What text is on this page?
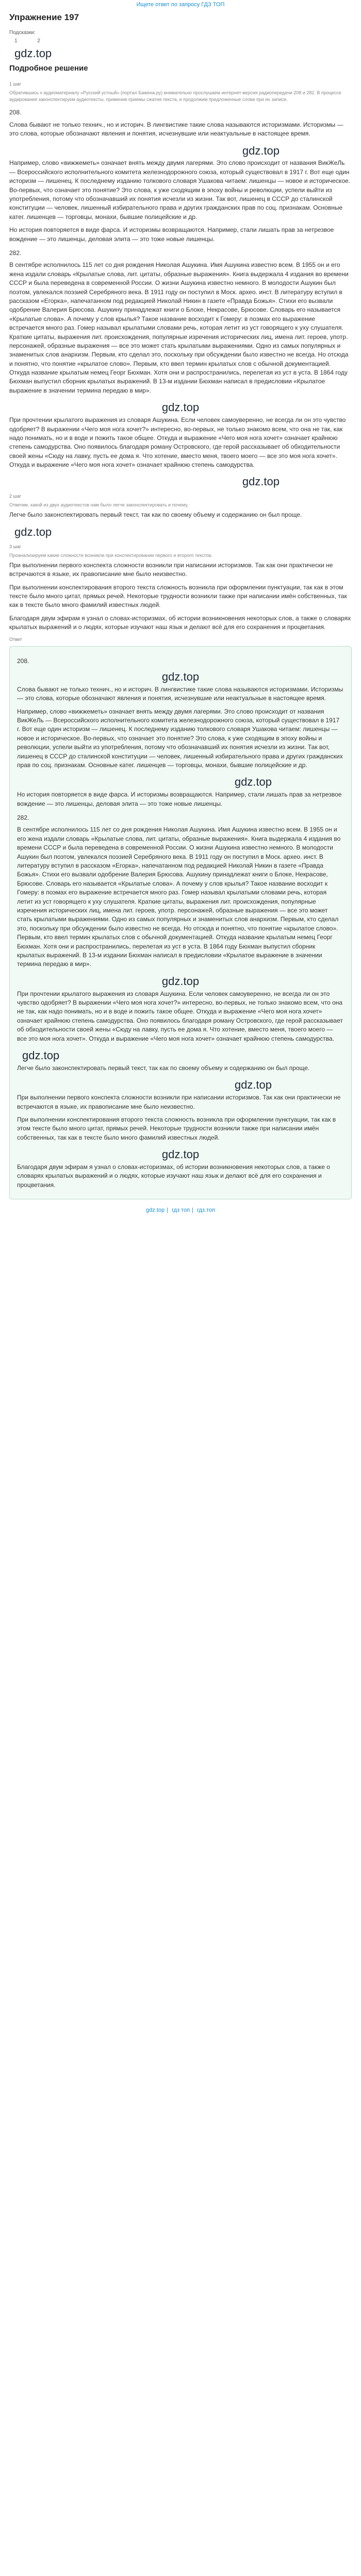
Ищете ответ по запросу ГДЗ ТОП
Упражнение 197
Подсказки:
1 2
gdz.top
Подробное решение
1 шаг
Обратившись к аудиоматериалу «Русский устный» (портал Бажена.ру) внимательно прослушаем интернет-версия радиопередачи 208 и 282. В процессе аудирования законспектируем аудиотексты, применив приемы сжатия текста, и продолжим предложенные слова при их записи.
208.

Слова бывают не только технич., но и историч. В лингвистике такие слова называются историзмами. Историзмы — это слова, которые обозначают явления и понятия, исчезнувшие или неактуальные в настоящее время.

gdz.top

Например, слово «вижжеметь» означает внять между двумя лагерями. Это слово происходит от названия ВикЖеЛь — Всероссийского исполнительного комитета железнодорожного союза, который существовал в 1917 г. Вот еще один историзм — лишенец. К последнему изданию толкового словаря Ушакова читаем: лишенцы — новое и историческое. Во-первых, что означает это понятие? Это слова, к уже сходящим в эпоху войны и революции, успели выйти из употребления, потому что обозначавший их понятия исчезли из жизни. Так вот, лишенец в СССР до сталинской конституции — человек, лишенный избирательного права и других гражданских прав по соц. признакам. Основные катег. лишенцев — торговцы, монахи, бывшие полицейские и др.

Но история повторяется в виде фарса. И историзмы возвращаются. Например, стали лишать прав за нетрезвое вождение — это лишенцы, деловая элита — это тоже новые лишенцы.

282.

В сентябре исполнилось 115 лет со дня рождения Николая Ашукина. Имя Ашукина известно всем. В 1955 он и его жена издали словарь «Крылатые слова, лит. цитаты, образные выражения». Книга выдержала 4 издания во времени СССР и была переведена в современной России. О жизни Ашукина известно немного. В молодости Ашукин был поэтом, увлекался поэзией Серебряного века. В 1911 году он поступил в Моск. архео. инст. В литературу вступил в рассказом «Егорка», напечатанном под редакцией Николай Никин в газете «Правда Божья». Стихи его вызвали одобрение Валерия Брюсова. Ашукину принадлежат книги о Блоке, Некрасове, Брюсове. Словарь его называется «Крылатые слова». А почему у слов крылья? Такое название восходит к Гомеру: в поэмах его выражение встречается много раз. Гомер называл крылатыми словами речь, которая летит из уст говорящего к уху слушателя. Краткие цитаты, выражения лит. происхождения, популярные изречения исторических лиц, имена лит. героев, употр. персонажей, образные выражения — все это может стать крылатыми выражениями. Одно из самых популярных и знаменитых слов анархизм. Первым, кто сделал это, поскольку при обсуждении было известно не всегда. Но отсюда и понятно, что понятие «крылатое слово». Первым, кто ввел термин крылатых слов с обычной документацией. Откуда название крылатым немец Георг Бюхман. Хотя они и распространились, перелетая из уст в уста. В 1864 году Бюхман выпустил сборник крылатых выражений. В 13-м издании Бюхман написал в предисловии «Крылатое выражение в значении термина передаю в мир».

gdz.top

При прочтении крылатого выражения из словаря Ашукина. Если человек самоуверенно, не всегда ли он это чувство одобряет? В выражении «Чего моя нога хочет?» интересно, во-первых, не только знакомо всем, что она не так, как надо понимать, но и в воде и пожить такое общее. Откуда и выражение «Чего моя нога хочет» означает крайнюю степень самодурства. Оно появилось благодаря роману Островского, где герой рассказывает об обходительности своей жены «Сюду на лавку, пусть ее дома я. Что хотение, вместо меня, твоего моего — все это моя нога хочет». Откуда и выражение «Чего моя нога хочет» означает крайнюю степень самодурства.

gdz.top
2 шаг
Ответим, какой из двух аудиотекстов нам было легче законспектировать и почему.

Легче было законспектировать первый текст, так как по своему объему и содержанию он был проще.

gdz.top
3 шаг
Проанализируем какие сложности возникли при конспектировании первого и второго текстов.

При выполнении первого конспекта сложности возникли при написании историзмов. Так как они практически не встречаются в языке, их правописание мне было неизвестно.

При выполнении конспектирования второго текста сложность возникла при оформлении пунктуации, так как в этом тексте было много цитат, прямых речей. Некоторые трудности возникли также при написании имён собственных, так как в тексте было много фамилий известных людей.

Благодаря двум эфирам я узнал о словах-историзмах, об истории возникновения некоторых слов, а также о словарях крылатых выражений и о людях, которые изучают наш язык и делают всё для его сохранения и процветания.

Ответ
208.
gdz.top

Слова бывают не только технич., но и историч. В лингвистике такие слова называются историзмами. Историзмы — это слова, которые обозначают явления и понятия, исчезнувшие или неактуальные в настоящее время.

Например, слово «вижжеметь» означает внять между двумя лагерями. Это слово происходит от названия ВикЖеЛь — Всероссийского исполнительного комитета железнодорожного союза, который существовал в 1917 г. Вот еще один историзм — лишенец. К последнему изданию толкового словаря Ушакова читаем: лишенцы — новое и историческое. Во-первых, что означает это понятие? Это слова, к уже сходящим в эпоху войны и революции, успели выйти из употребления, потому что обозначавший их понятия исчезли из жизни. Так вот, лишенец в СССР до сталинской конституции — человек, лишенный избирательного права и других гражданских прав по соц. признакам. Основные катег. лишенцев — торговцы, монахи, бывшие полицейские и др.

gdz.top

Но история повторяется в виде фарса. И историзмы возвращаются. Например, стали лишать прав за нетрезвое вождение — это лишенцы, деловая элита — это тоже новые лишенцы.

282.

В сентябре исполнилось 115 лет со дня рождения Николая Ашукина. Имя Ашукина известно всем. В 1955 он и его жена издали словарь «Крылатые слова, лит. цитаты, образные выражения». Книга выдержала 4 издания во времени СССР и была переведена в современной России. О жизни Ашукина известно немного. В молодости Ашукин был поэтом, увлекался поэзией Серебряного века. В 1911 году он поступил в Моск. архео. инст. В литературу вступил в рассказом «Егорка», напечатанном под редакцией Николай Никин в газете «Правда Божья». Стихи его вызвали одобрение Валерия Брюсова. Ашукину принадлежат книги о Блоке, Некрасове, Брюсове. Словарь его называется «Крылатые слова». А почему у слов крылья? Такое название восходит к Гомеру: в поэмах его выражение встречается много раз. Гомер называл крылатыми словами речь, которая летит из уст говорящего к уху слушателя. Краткие цитаты, выражения лит. происхождения, популярные изречения исторических лиц, имена лит. героев, употр. персонажей, образные выражения — все это может стать крылатыми выражениями. Одно из самых популярных и знаменитых слов анархизм. Первым, кто сделал это, поскольку при обсуждении было известно не всегда. Но отсюда и понятно, что понятие «крылатое слово». Первым, кто ввел термин крылатых слов с обычной документацией. Откуда название крылатым немец Георг Бюхман. Хотя они и распространились, перелетая из уст в уста. В 1864 году Бюхман выпустил сборник крылатых выражений. В 13-м издании Бюхман написал в предисловии «Крылатое выражение в значении термина передаю в мир».

gdz.top

При прочтении крылатого выражения из словаря Ашукина. Если человек самоуверенно, не всегда ли он это чувство одобряет? В выражении «Чего моя нога хочет?» интересно, во-первых, не только знакомо всем, что она не так, как надо понимать, но и в воде и пожить такое общее. Откуда и выражение «Чего моя нога хочет» означает крайнюю степень самодурства. Оно появилось благодаря роману Островского, где герой рассказывает об обходительности своей жены «Сюду на лавку, пусть ее дома я. Что хотение, вместо меня, твоего моего — все это моя нога хочет». Откуда и выражение «Чего моя нога хочет» означает крайнюю степень самодурства.

gdz.top

Легче было законспектировать первый текст, так как по своему объему и содержанию он был проще.

gdz.top

При выполнении первого конспекта сложности возникли при написании историзмов. Так как они практически не встречаются в языке, их правописание мне было неизвестно.

При выполнении конспектирования второго текста сложность возникла при оформлении пунктуации, так как в этом тексте было много цитат, прямых речей. Некоторые трудности возникли также при написании имён собственных, так как в тексте было много фамилий известных людей.

gdz.top

Благодаря двум эфирам я узнал о словах-историзмах, об истории возникновения некоторых слов, а также о словарях крылатых выражений и о людях, которые изучают наш язык и делают всё для его сохранения и процветания.

gdz.top | гдз топ | гдз.топ
